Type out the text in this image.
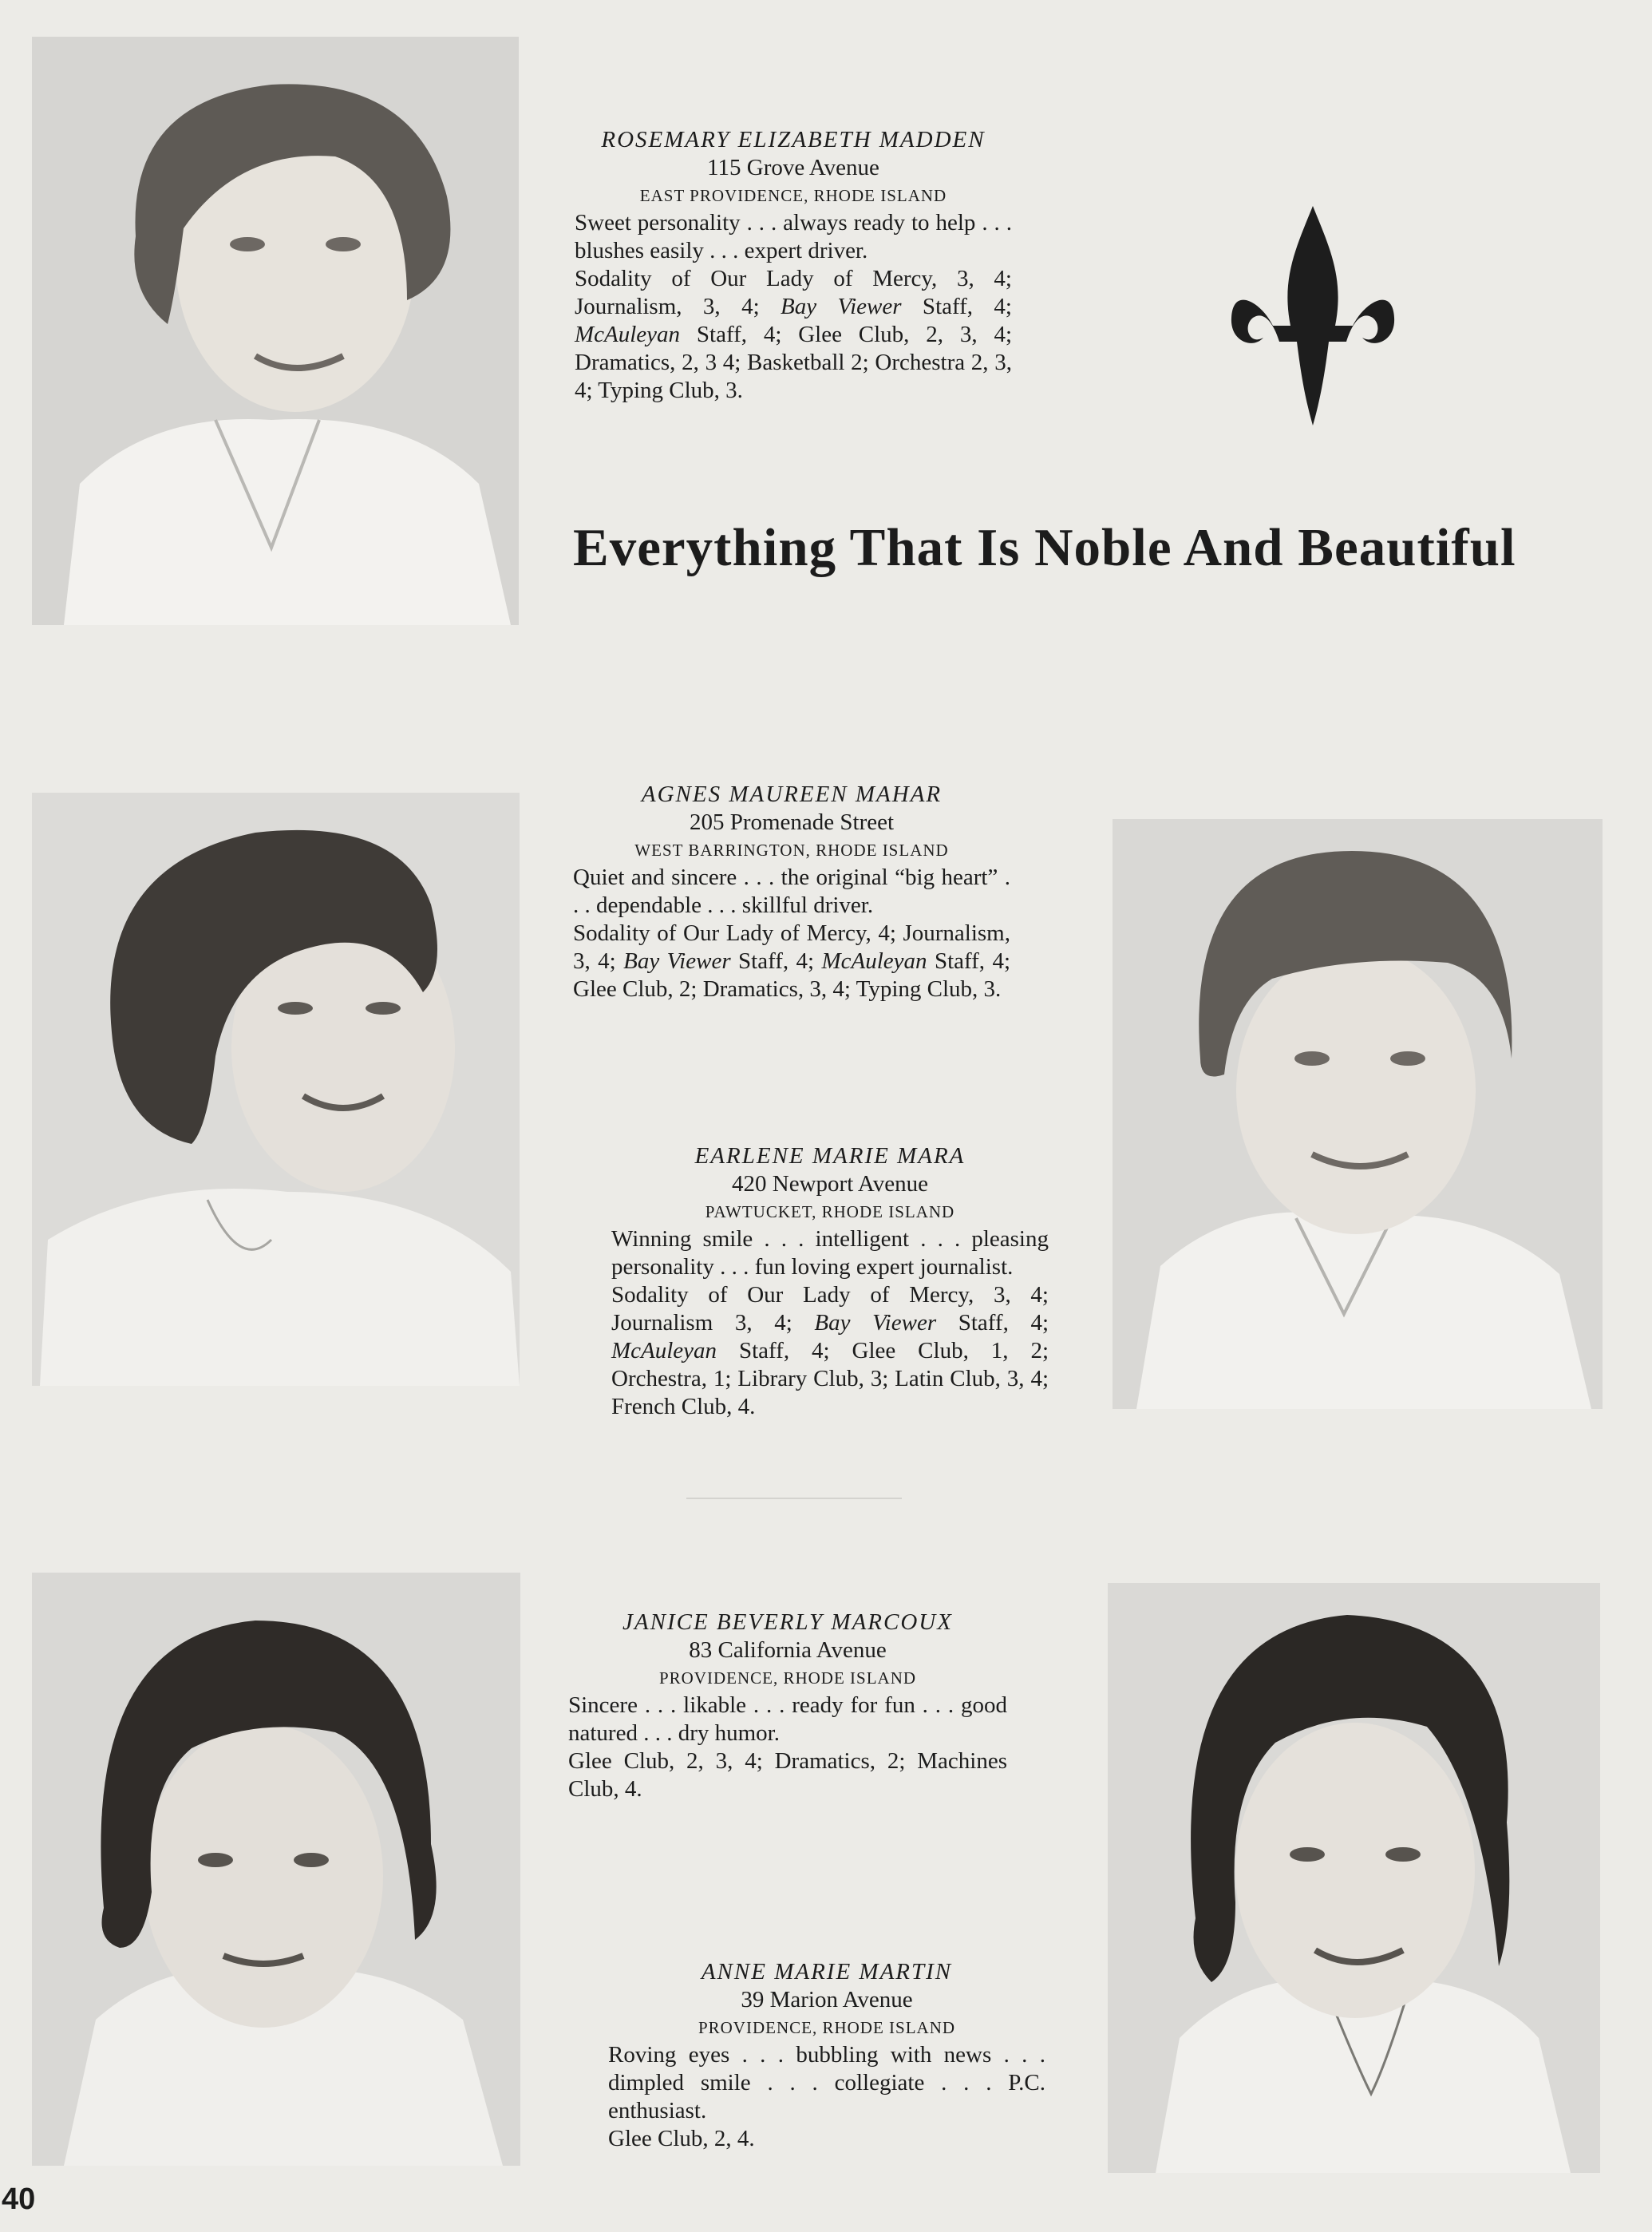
ROSEMARY ELIZABETH MADDEN
115 Grove Avenue
EAST PROVIDENCE, RHODE ISLAND

Sweet personality . . . always ready to help . . . blushes easily . . . expert driver.

Sodality of Our Lady of Mercy, 3, 4; Journalism, 3, 4; Bay Viewer Staff, 4; McAuleyan Staff, 4; Glee Club, 2, 3, 4; Dramatics, 2, 3 4; Basketball 2; Orchestra 2, 3, 4; Typing Club, 3.

Everything That Is Noble And Beautiful
AGNES MAUREEN MAHAR
205 Promenade Street
WEST BARRINGTON, RHODE ISLAND

Quiet and sincere . . . the original “big heart” . . . dependable . . . skillful driver.

Sodality of Our Lady of Mercy, 4; Journalism, 3, 4; Bay Viewer Staff, 4; McAuleyan Staff, 4; Glee Club, 2; Dramatics, 3, 4; Typing Club, 3.

EARLENE MARIE MARA
420 Newport Avenue
PAWTUCKET, RHODE ISLAND

Winning smile . . . intelligent . . . pleasing personality . . . fun loving expert journalist.

Sodality of Our Lady of Mercy, 3, 4; Journalism 3, 4; Bay Viewer Staff, 4; McAuleyan Staff, 4; Glee Club, 1, 2; Orchestra, 1; Library Club, 3; Latin Club, 3, 4; French Club, 4.

JANICE BEVERLY MARCOUX
83 California Avenue
PROVIDENCE, RHODE ISLAND

Sincere . . . likable . . . ready for fun . . . good natured . . . dry humor.

Glee Club, 2, 3, 4; Dramatics, 2; Machines Club, 4.

ANNE MARIE MARTIN
39 Marion Avenue
PROVIDENCE, RHODE ISLAND

Roving eyes . . . bubbling with news . . . dimpled smile . . . collegiate . . . P.C. enthusiast.

Glee Club, 2, 4.

40
